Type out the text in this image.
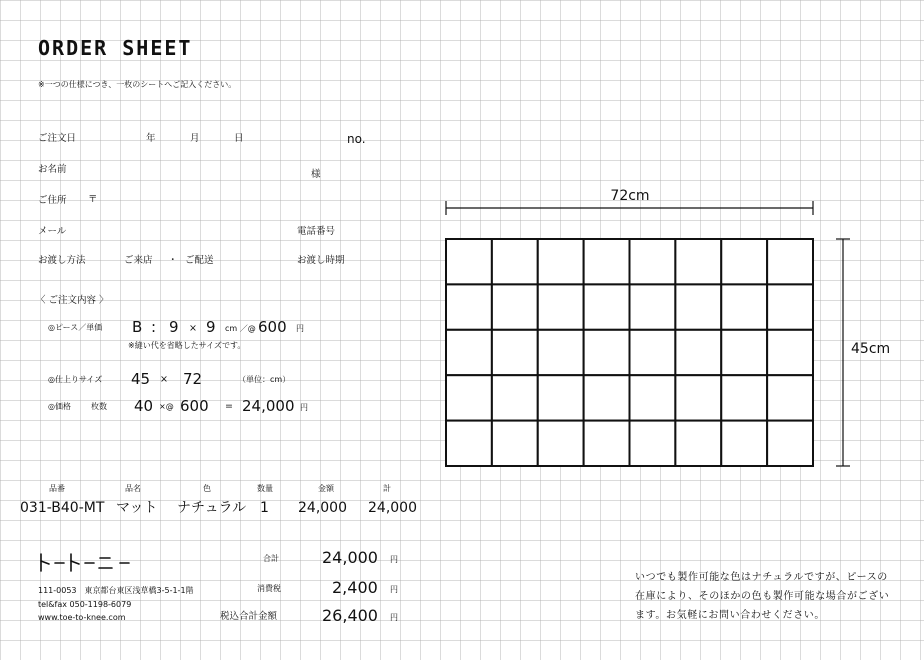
ORDER SHEET
※一つの仕様につき、一枚のシートへご記入ください。
ご注文日	年	月	日	no.
お名前	様
ご住所 〒
メール	電話番号
お渡し方法	ご来店 ・ ご配送	お渡し時期
〈 ご注文内容 〉
◎ピース／単価 B : 9 × 9 cm ／@ 600 円
※縫い代を省略したサイズです。
◎仕上りサイズ 45 × 72	（単位：cm）
◎価格	枚数 40 ×@ 600 = 24,000 円
品番	品名	色	数量	金額	計
031-B40-MT マット ナチュラル 1 24,000 24,000
111-0053　東京都台東区浅草橋3-5-1-1階
tel&fax 050-1198-6079
www.toe-to-knee.com
合計	24,000 円
消費税	2,400 円
税込合計金額	26,400 円
72cm
45cm
いつでも製作可能な色はナチュラルですが、ピースの
在庫により、そのほかの色も製作可能な場合がござい
ます。お気軽にお問い合わせください。
